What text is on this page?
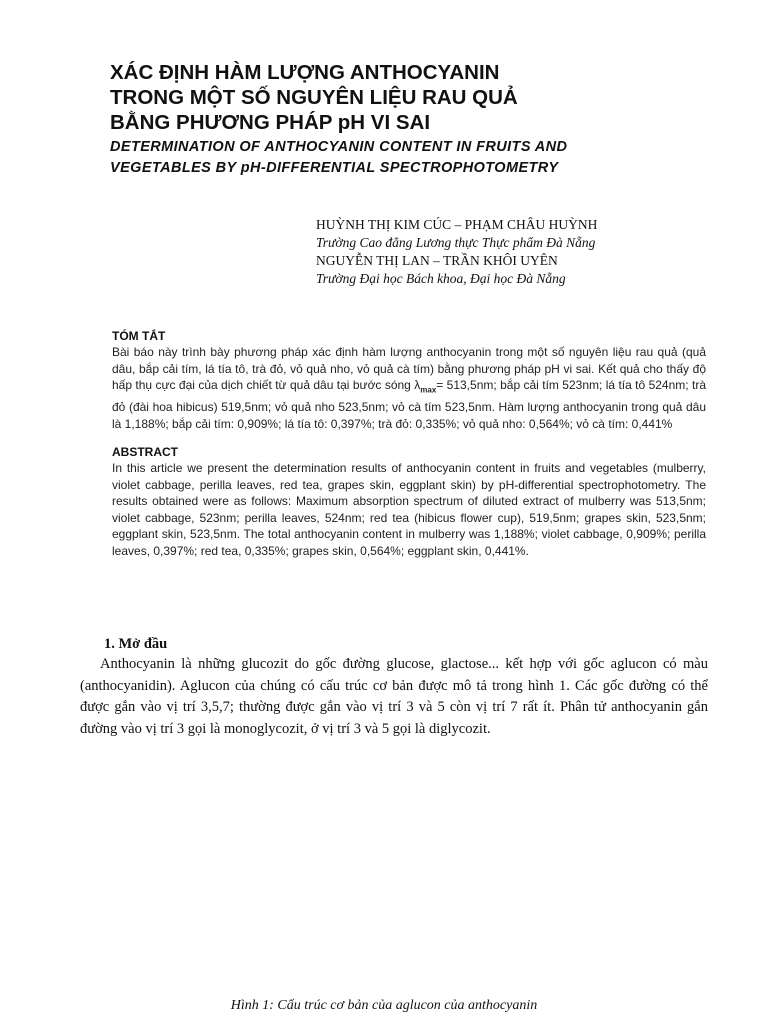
XÁC ĐỊNH HÀM LƯỢNG ANTHOCYANIN

TRONG MỘT SỐ NGUYÊN LIỆU RAU QUẢ

BẰNG PHƯƠNG PHÁP pH VI SAI

DETERMINATION OF ANTHOCYANIN CONTENT IN FRUITS AND

VEGETABLES BY pH-DIFFERENTIAL SPECTROPHOTOMETRY

HUỲNH THỊ KIM CÚC – PHẠM CHÂU HUỲNH

Trường Cao đẳng Lương thực Thực phẩm Đà Nẵng

NGUYỄN THỊ LAN – TRẦN KHÔI UYÊN

Trường Đại học Bách khoa, Đại học Đà Nẵng

TÓM TẮT

Bài báo này trình bày phương pháp xác định hàm lượng anthocyanin trong một số nguyên liệu rau quả (quả dâu, bắp cải tím, lá tía tô, trà đỏ, vỏ quả nho, vỏ quả cà tím) bằng phương pháp pH vi sai. Kết quả cho thấy độ hấp thụ cực đại của dịch chiết từ quả dâu tại bước sóng $\lambda_{max}= 513,5nm$; bắp cải tím 523nm; lá tía tô 524nm; trà đỏ (đài hoa hibicus) 519,5nm; vỏ quả nho 523,5nm; vỏ cà tím 523,5nm. Hàm lượng anthocyanin trong quả dâu là 1,188%; bắp cải tím: 0,909%; lá tía tô: 0,397%; trà đỏ: 0,335%; vỏ quả nho: 0,564%; vỏ cà tím: 0,441%

ABSTRACT

In this article we present the determination results of anthocyanin content in fruits and vegetables (mulberry, violet cabbage, perilla leaves, red tea, grapes skin, eggplant skin) by pH-differential spectrophotometry. The results obtained were as follows: Maximum absorption spectrum of diluted extract of mulberry was 513,5nm; violet cabbage, 523nm; perilla leaves, 524nm; red tea (hibicus flower cup), 519,5nm; grapes skin, 523,5nm; eggplant skin, 523,5nm. The total anthocyanin content in mulberry was 1,188%; violet cabbage, 0,909%; perilla leaves, 0,397%; red tea, 0,335%; grapes skin, 0,564%; eggplant skin, 0,441%.

1. Mở đầu

Anthocyanin là những glucozit do gốc đường glucose, glactose... kết hợp với gốc aglucon có màu (anthocyanidin). Aglucon của chúng có cấu trúc cơ bản được mô tả trong hình 1. Các gốc đường có thể được gắn vào vị trí 3,5,7; thường được gắn vào vị trí 3 và 5 còn vị trí 7 rất ít. Phân tử anthocyanin gắn đường vào vị trí 3 gọi là monoglycozit, ở vị trí 3 và 5 gọi là diglycozit.

Hình 1: Cấu trúc cơ bản của aglucon của anthocyanin
